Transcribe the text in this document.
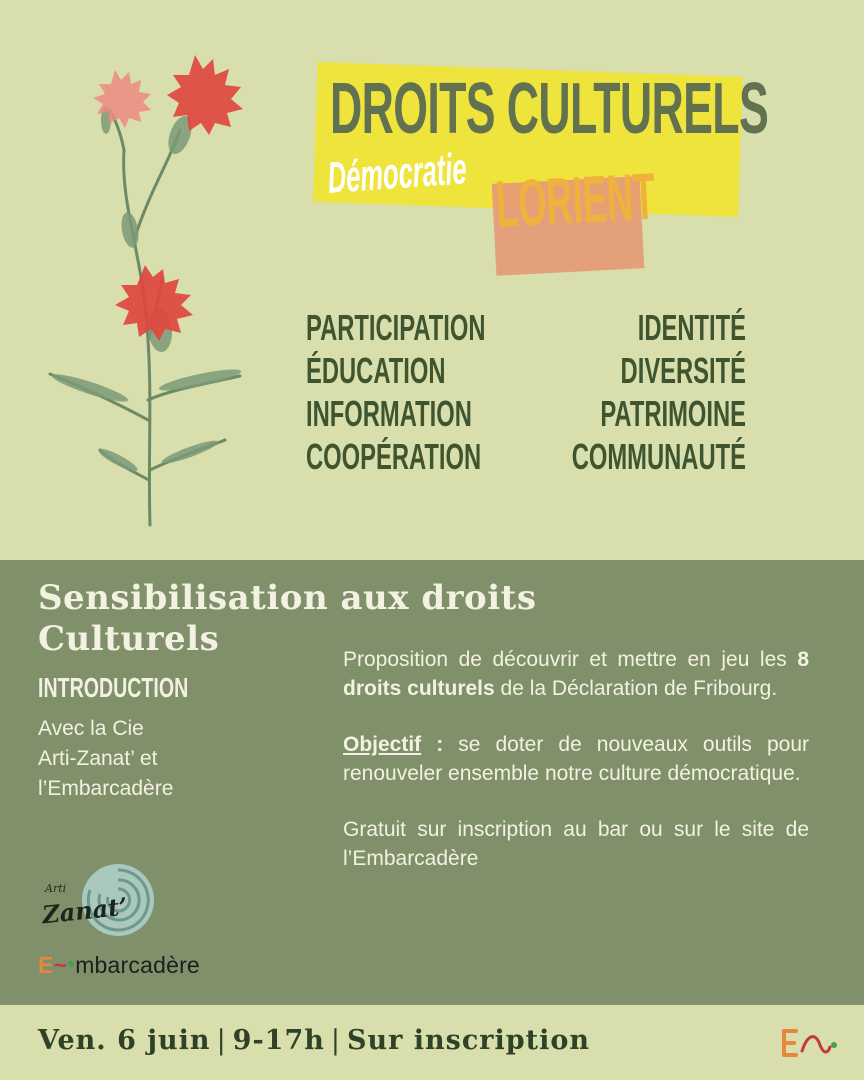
DROITS CULTURELS
Démocratie LORIENT
PARTICIPATION
ÉDUCATION
INFORMATION
COOPÉRATION
IDENTITÉ
DIVERSITÉ
PATRIMOINE
COMMUNAUTÉ
Sensibilisation aux droits
Culturels
INTRODUCTION
Avec la Cie
Arti-Zanat’ et
l’Embarcadère

Proposition de découvrir et mettre en jeu les 8 droits culturels de la Déclaration de Fribourg.

Objectif : se doter de nouveaux outils pour renouveler ensemble notre culture démocratique.

Gratuit sur inscription au bar ou sur le site de l’Embarcadère

Arti
Zanat’
E~ mbarcadère
Ven. 6 juin | 9-17h | Sur inscription
